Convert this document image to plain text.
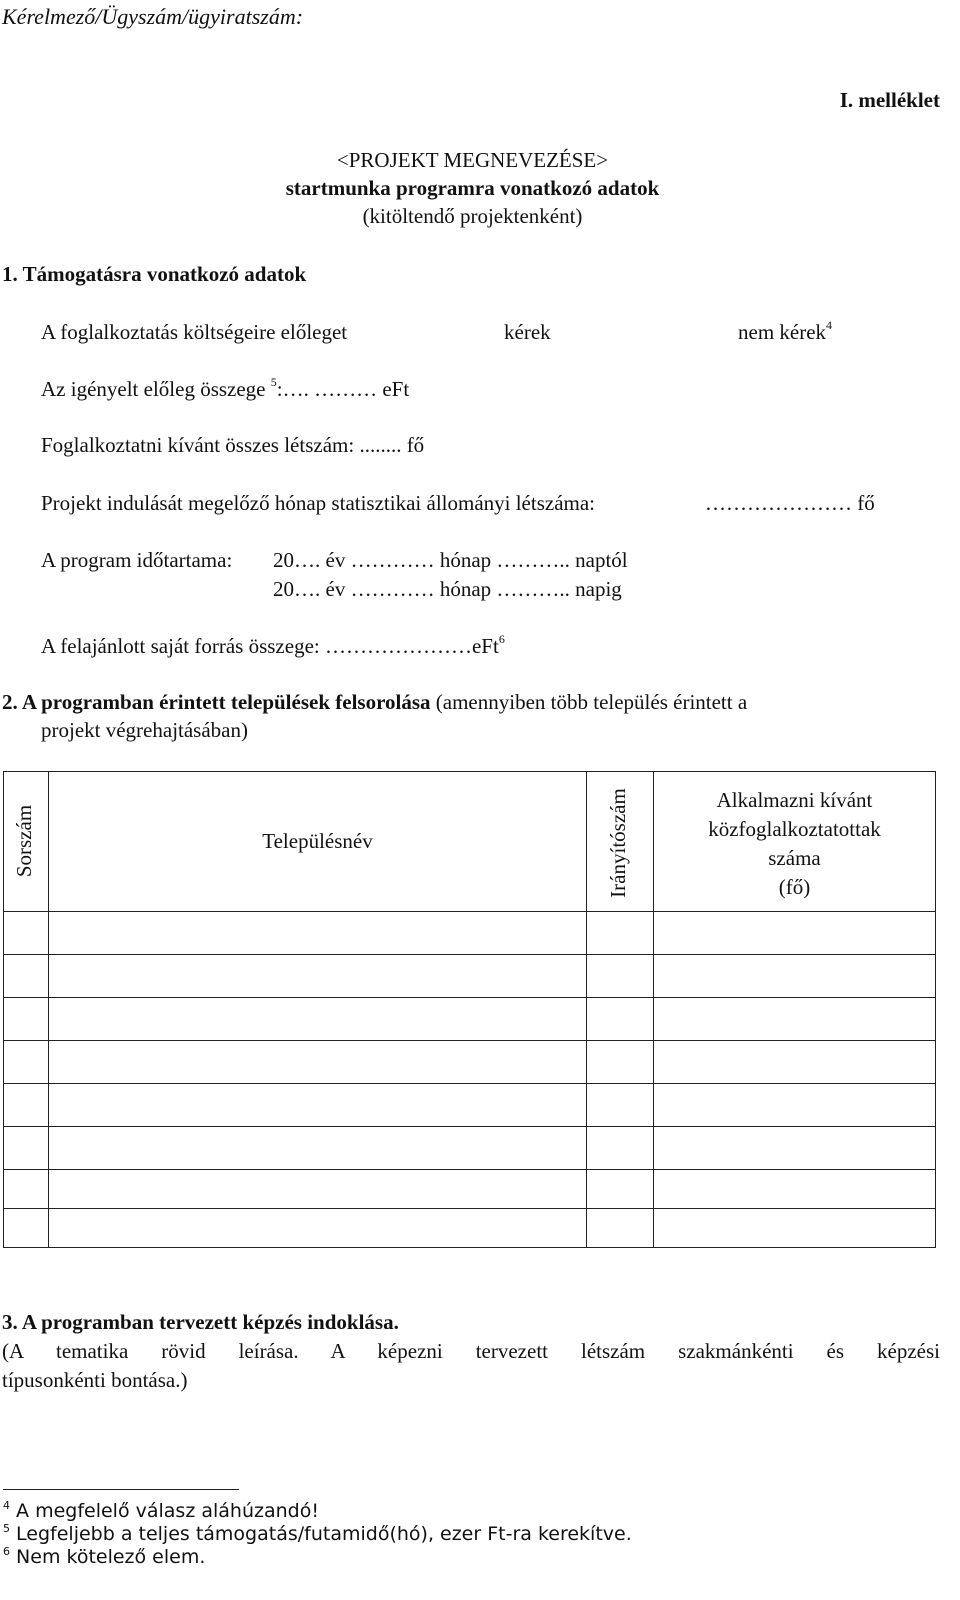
Kérelmező/Ügyszám/ügyiratszám:
I. melléklet
<PROJEKT MEGNEVEZÉSE>
startmunka programra vonatkozó adatok
(kitöltendő projektenként)
1. Támogatásra vonatkozó adatok
A foglalkoztatás költségeire előleget	kérek	nem kérek$^4$
Az igényelt előleg összege $^5$:…. ……… eFt
Foglalkoztatni kívánt összes létszám: ........ fő
Projekt indulását megelőző hónap statisztikai állományi létszáma:	………………… fő
A program időtartama: 20…. év ………… hónap ……….. naptól
20…. év ………… hónap ……….. napig
A felajánlott saját forrás összege: …………………eFt$^6$
2. A programban érintett települések felsorolása (amennyiben több település érintett a
projekt végrehajtásában)
Sorszám	Településnév	Irányítószám	Alkalmazni kívánt
közfoglalkoztatottak
száma
(fő)
3. A programban tervezett képzés indoklása.
(A tematika rövid leírása. A képezni tervezett létszám szakmánkénti és képzési
típusonkénti bontása.)
$^4$ A megfelelő válasz aláhúzandó!
$^5$ Legfeljebb a teljes támogatás/futamidő(hó), ezer Ft-ra kerekítve.
$^6$ Nem kötelező elem.
